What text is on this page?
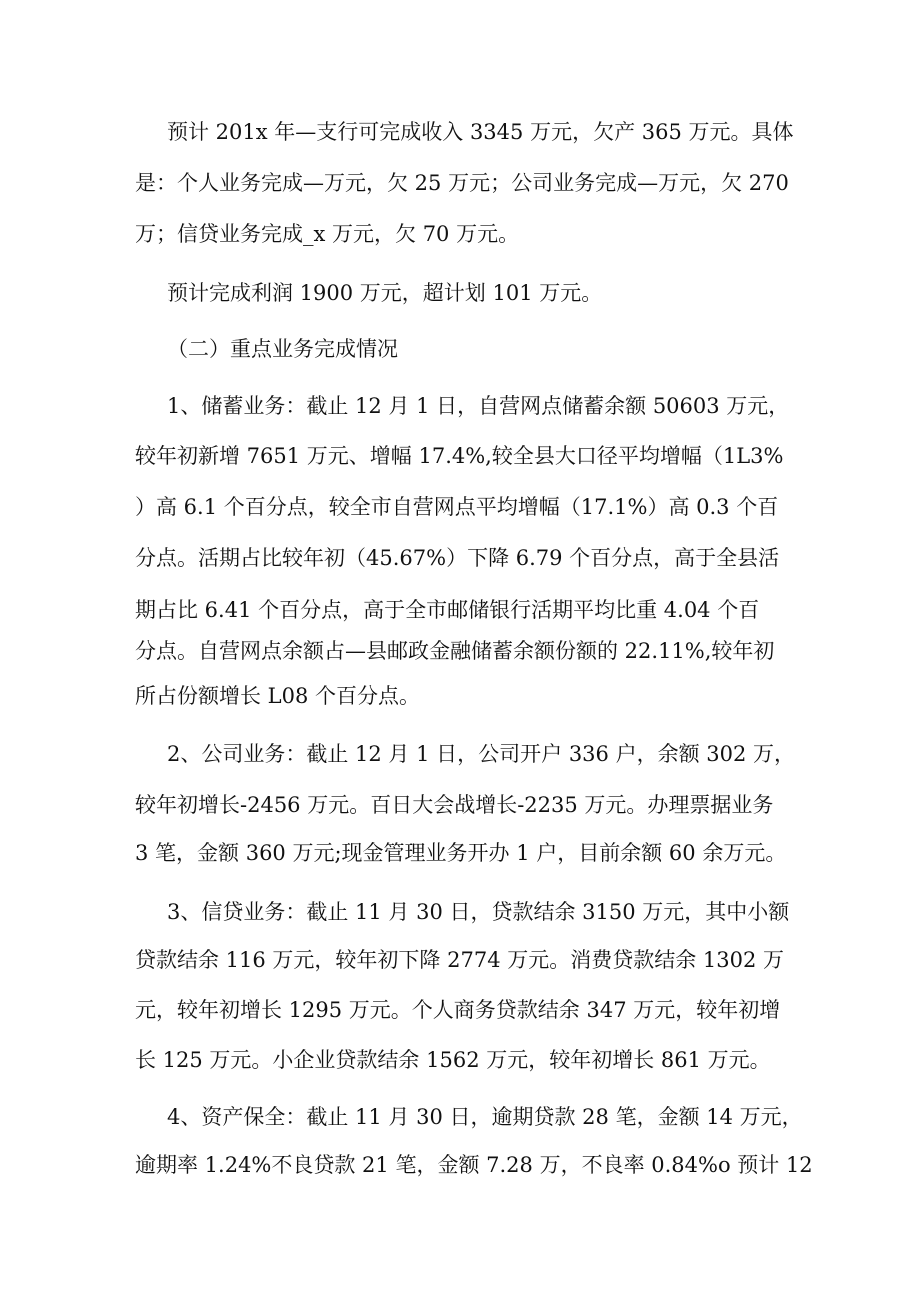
预计 201x 年—支行可完成收入 3345 万元，欠产 365 万元。具体
是：个人业务完成—万元，欠 25 万元；公司业务完成—万元，欠 270
万；信贷业务完成_x 万元，欠 70 万元。
预计完成利润 1900 万元，超计划 101 万元。
（二）重点业务完成情况
1、储蓄业务：截止 12 月 1 日，自营网点储蓄余额 50603 万元，
较年初新增 7651 万元、增幅 17.4%,较全县大口径平均增幅（1L3%
）高 6.1 个百分点，较全市自营网点平均增幅（17.1%）高 0.3 个百
分点。活期占比较年初（45.67%）下降 6.79 个百分点，高于全县活
期占比 6.41 个百分点，高于全市邮储银行活期平均比重 4.04 个百
分点。自营网点余额占—县邮政金融储蓄余额份额的 22.11%,较年初
所占份额增长 L08 个百分点。
2、公司业务：截止 12 月 1 日，公司开户 336 户，余额 302 万，
较年初增长-2456 万元。百日大会战增长-2235 万元。办理票据业务
3 笔，金额 360 万元;现金管理业务开办 1 户，目前余额 60 余万元。
3、信贷业务：截止 11 月 30 日，贷款结余 3150 万元，其中小额
贷款结余 116 万元，较年初下降 2774 万元。消费贷款结余 1302 万
元，较年初增长 1295 万元。个人商务贷款结余 347 万元，较年初增
长 125 万元。小企业贷款结余 1562 万元，较年初增长 861 万元。
4、资产保全：截止 11 月 30 日，逾期贷款 28 笔，金额 14 万元，
逾期率 1.24%不良贷款 21 笔，金额 7.28 万，不良率 0.84%o 预计 12
